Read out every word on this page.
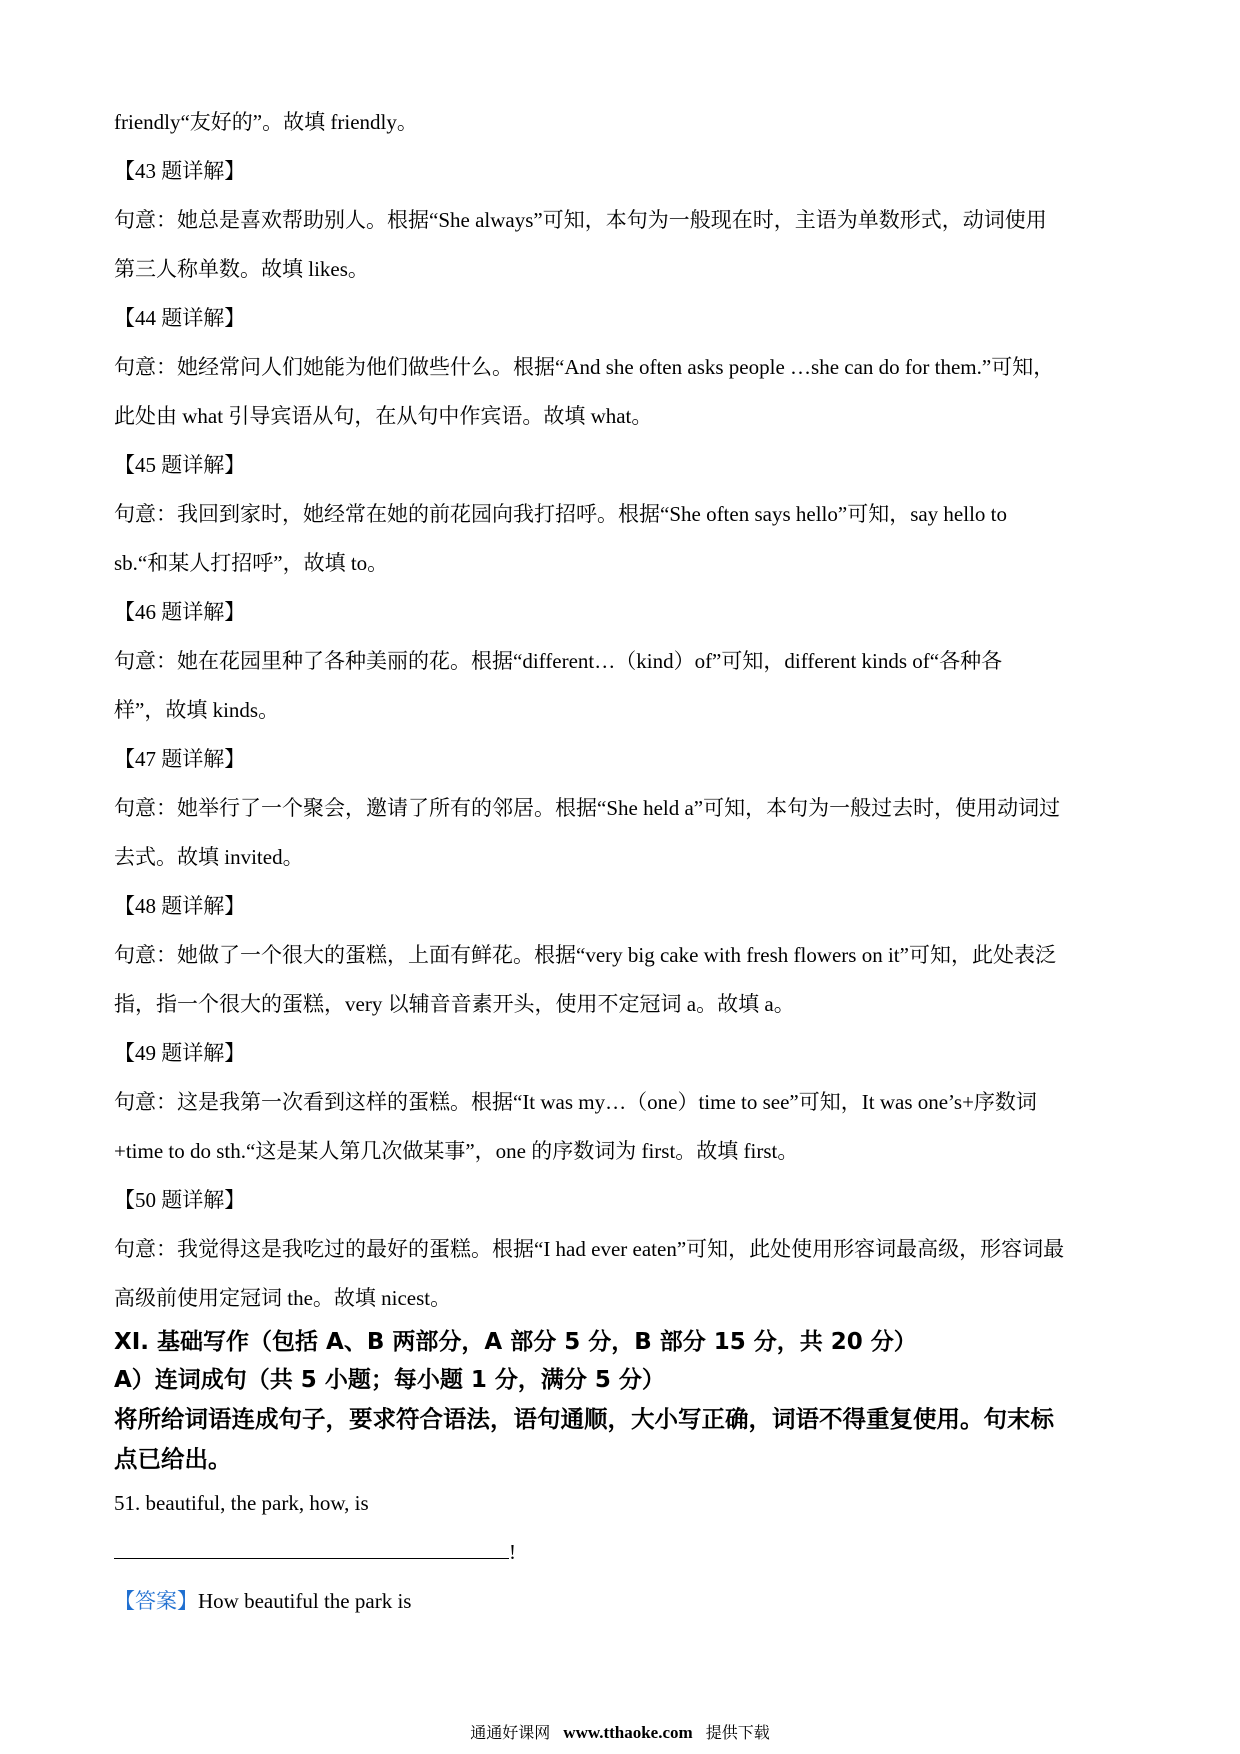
friendly“友好的”。故填 friendly。
【43 题详解】
句意：她总是喜欢帮助别人。根据“She always”可知，本句为一般现在时，主语为单数形式，动词使用
第三人称单数。故填 likes。
【44 题详解】
句意：她经常问人们她能为他们做些什么。根据“And she often asks people …she can do for them.”可知，
此处由 what 引导宾语从句，在从句中作宾语。故填 what。
【45 题详解】
句意：我回到家时，她经常在她的前花园向我打招呼。根据“She often says hello”可知，say hello to
sb.“和某人打招呼”，故填 to。
【46 题详解】
句意：她在花园里种了各种美丽的花。根据“different…（kind）of”可知，different kinds of“各种各
样”，故填 kinds。
【47 题详解】
句意：她举行了一个聚会，邀请了所有的邻居。根据“She held a”可知，本句为一般过去时，使用动词过
去式。故填 invited。
【48 题详解】
句意：她做了一个很大的蛋糕，上面有鲜花。根据“very big cake with fresh flowers on it”可知，此处表泛
指，指一个很大的蛋糕，very 以辅音音素开头，使用不定冠词 a。故填 a。
【49 题详解】
句意：这是我第一次看到这样的蛋糕。根据“It was my…（one）time to see”可知，It was one’s+序数词
+time to do sth.“这是某人第几次做某事”，one 的序数词为 first。故填 first。
【50 题详解】
句意：我觉得这是我吃过的最好的蛋糕。根据“I had ever eaten”可知，此处使用形容词最高级，形容词最
高级前使用定冠词 the。故填 nicest。
XI. 基础写作（包括 A、B 两部分，A 部分 5 分，B 部分 15 分，共 20 分）
A）连词成句（共 5 小题；每小题 1 分，满分 5 分）
将所给词语连成句子，要求符合语法，语句通顺，大小写正确，词语不得重复使用。句末标
点已给出。
51. beautiful, the park, how, is
!
【答案】How beautiful the park is
通通好课网 www.tthaoke.com 提供下载
